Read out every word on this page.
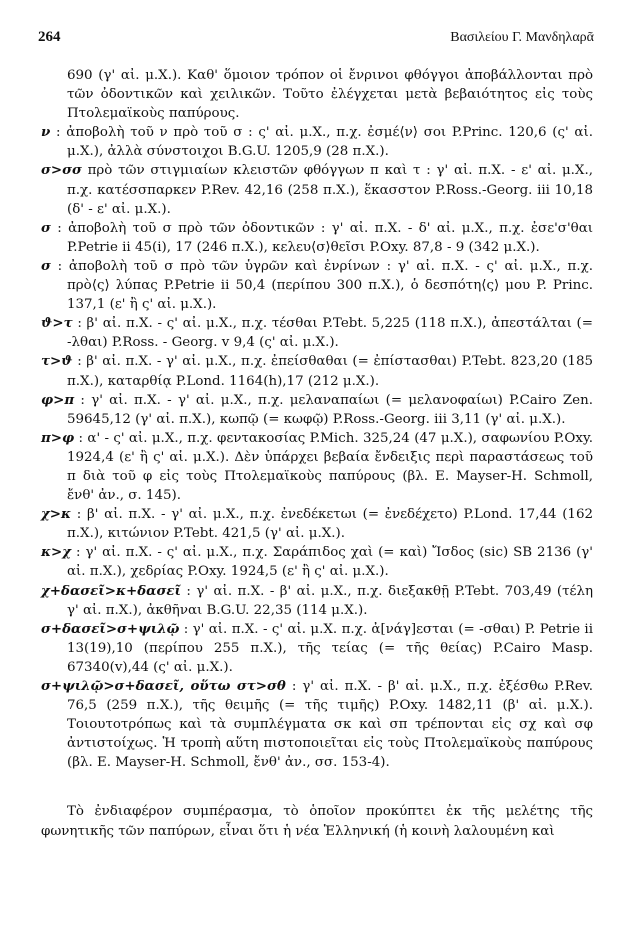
264	Βασιλείου Γ. Μανδηλαρᾶ

690 (γ' αἰ. μ.Χ.). Καθ' ὅμοιον τρόπον οἱ ἔνρινοι φθόγγοι ἀποβάλλονται πρὸ τῶν ὀδοντικῶν καὶ χειλικῶν. Τοῦτο ἐλέγχεται μετὰ βεβαιότητος εἰς τοὺς Πτολεμαϊκοὺς παπύρους.

ν : ἀποβολὴ τοῦ ν πρὸ τοῦ σ : ς' αἰ. μ.Χ., π.χ. ἐσμέ⟨ν⟩ σοι P.Princ. 120,6 (ς' αἰ. μ.Χ.), ἀλλὰ σύνστοιχοι B.G.U. 1205,9 (28 π.Χ.).

σ>σσ πρὸ τῶν στιγμιαίων κλειστῶν φθόγγων π καὶ τ : γ' αἰ. π.Χ. - ε' αἰ. μ.Χ., π.χ. κατέσσπαρκεν P.Rev. 42,16 (258 π.Χ.), ἕκασστον P.Ross.-Georg. iii 10,18 (δ' - ε' αἰ. μ.Χ.).

σ : ἀποβολὴ τοῦ σ πρὸ τῶν ὀδοντικῶν : γ' αἰ. π.Χ. - δ' αἰ. μ.Χ., π.χ. ἐσε'σ'θαι P.Petrie ii 45(i), 17 (246 π.Χ.), κελευ⟨σ⟩θεῖσι P.Oxy. 87,8 - 9 (342 μ.Χ.).

σ : ἀποβολὴ τοῦ σ πρὸ τῶν ὑγρῶν καὶ ἐνρίνων : γ' αἰ. π.Χ. - ς' αἰ. μ.Χ., π.χ. πρὸ⟨ς⟩ λύπας P.Petrie ii 50,4 (περίπου 300 π.Χ.), ὁ δεσπότη⟨ς⟩ μου P. Princ. 137,1 (ε' ἢ ς' αἰ. μ.Χ.).

ϑ>τ : β' αἰ. π.Χ. - ς' αἰ. μ.Χ., π.χ. τέσθαι P.Tebt. 5,225 (118 π.Χ.), ἀπεστάλται (= -λθαι) P.Ross. - Georg. v 9,4 (ς' αἰ. μ.Χ.).

τ>ϑ : β' αἰ. π.Χ. - γ' αἰ. μ.Χ., π.χ. ἐπείσθαθαι (= ἐπίστασθαι) P.Tebt. 823,20 (185 π.Χ.), καταρθίᾳ P.Lond. 1164(h),17 (212 μ.Χ.).

φ>π : γ' αἰ. π.Χ. - γ' αἰ. μ.Χ., π.χ. μελαναπαίωι (= μελανοφαίωι) P.Cairo Zen. 59645,12 (γ' αἰ. π.Χ.), κωπῷ (= κωφῷ) P.Ross.-Georg. iii 3,11 (γ' αἰ. μ.Χ.).

π>φ : α' - ς' αἰ. μ.Χ., π.χ. φεντακοσίας P.Mich. 325,24 (47 μ.Χ.), σαφωνίου P.Oxy. 1924,4 (ε' ἢ ς' αἰ. μ.Χ.). Δὲν ὑπάρχει βεβαία ἔνδειξις περὶ παραστάσεως τοῦ π διὰ τοῦ φ εἰς τοὺς Πτολεμαϊκοὺς παπύρους (βλ. E. Mayser-H. Schmoll, ἔνθ' ἀν., σ. 145).

χ>κ : β' αἰ. π.Χ. - γ' αἰ. μ.Χ., π.χ. ἐνεδέκετωι (= ἐνεδέχετο) P.Lond. 17,44 (162 π.Χ.), κιτώνιον P.Tebt. 421,5 (γ' αἰ. μ.Χ.).

κ>χ : γ' αἰ. π.Χ. - ς' αἰ. μ.Χ., π.χ. Σαράπιδος χαὶ (= καὶ) Ἴσδος (sic) SB 2136 (γ' αἰ. π.Χ.), χεδρίας P.Oxy. 1924,5 (ε' ἢ ς' αἰ. μ.Χ.).

χ+δασεῖ>κ+δασεῖ : γ' αἰ. π.Χ. - β' αἰ. μ.Χ., π.χ. διεξακθῇ P.Tebt. 703,49 (τέλη γ' αἰ. π.Χ.), ἀκθῆναι B.G.U. 22,35 (114 μ.Χ.).

σ+δασεῖ>σ+ψιλῷ : γ' αἰ. π.Χ. - ς' αἰ. μ.Χ. π.χ. ἀ[νάγ]εσται (= -σθαι) P. Petrie ii 13(19),10 (περίπου 255 π.Χ.), τῆς τείας (= τῆς θείας) P.Cairo Masp. 67340(v),44 (ς' αἰ. μ.Χ.).

σ+ψιλῷ>σ+δασεῖ, οὕτω στ>σθ : γ' αἰ. π.Χ. - β' αἰ. μ.Χ., π.χ. ἐξέσθω P.Rev. 76,5 (259 π.Χ.), τῆς θειμῆς (= τῆς τιμῆς) P.Oxy. 1482,11 (β' αἰ. μ.Χ.). Τοιουτοτρόπως καὶ τὰ συμπλέγματα σκ καὶ σπ τρέπονται εἰς σχ καὶ σφ ἀντιστοίχως. Ἡ τροπὴ αὕτη πιστοποιεῖται εἰς τοὺς Πτολεμαϊκοὺς παπύρους (βλ. E. Mayser-H. Schmoll, ἔνθ' ἀν., σσ. 153-4).

Τὸ ἐνδιαφέρον συμπέρασμα, τὸ ὁποῖον προκύπτει ἐκ τῆς μελέτης τῆς φωνητικῆς τῶν παπύρων, εἶναι ὅτι ἡ νέα Ἑλληνική (ἡ κοινὴ λαλουμένη καὶ
